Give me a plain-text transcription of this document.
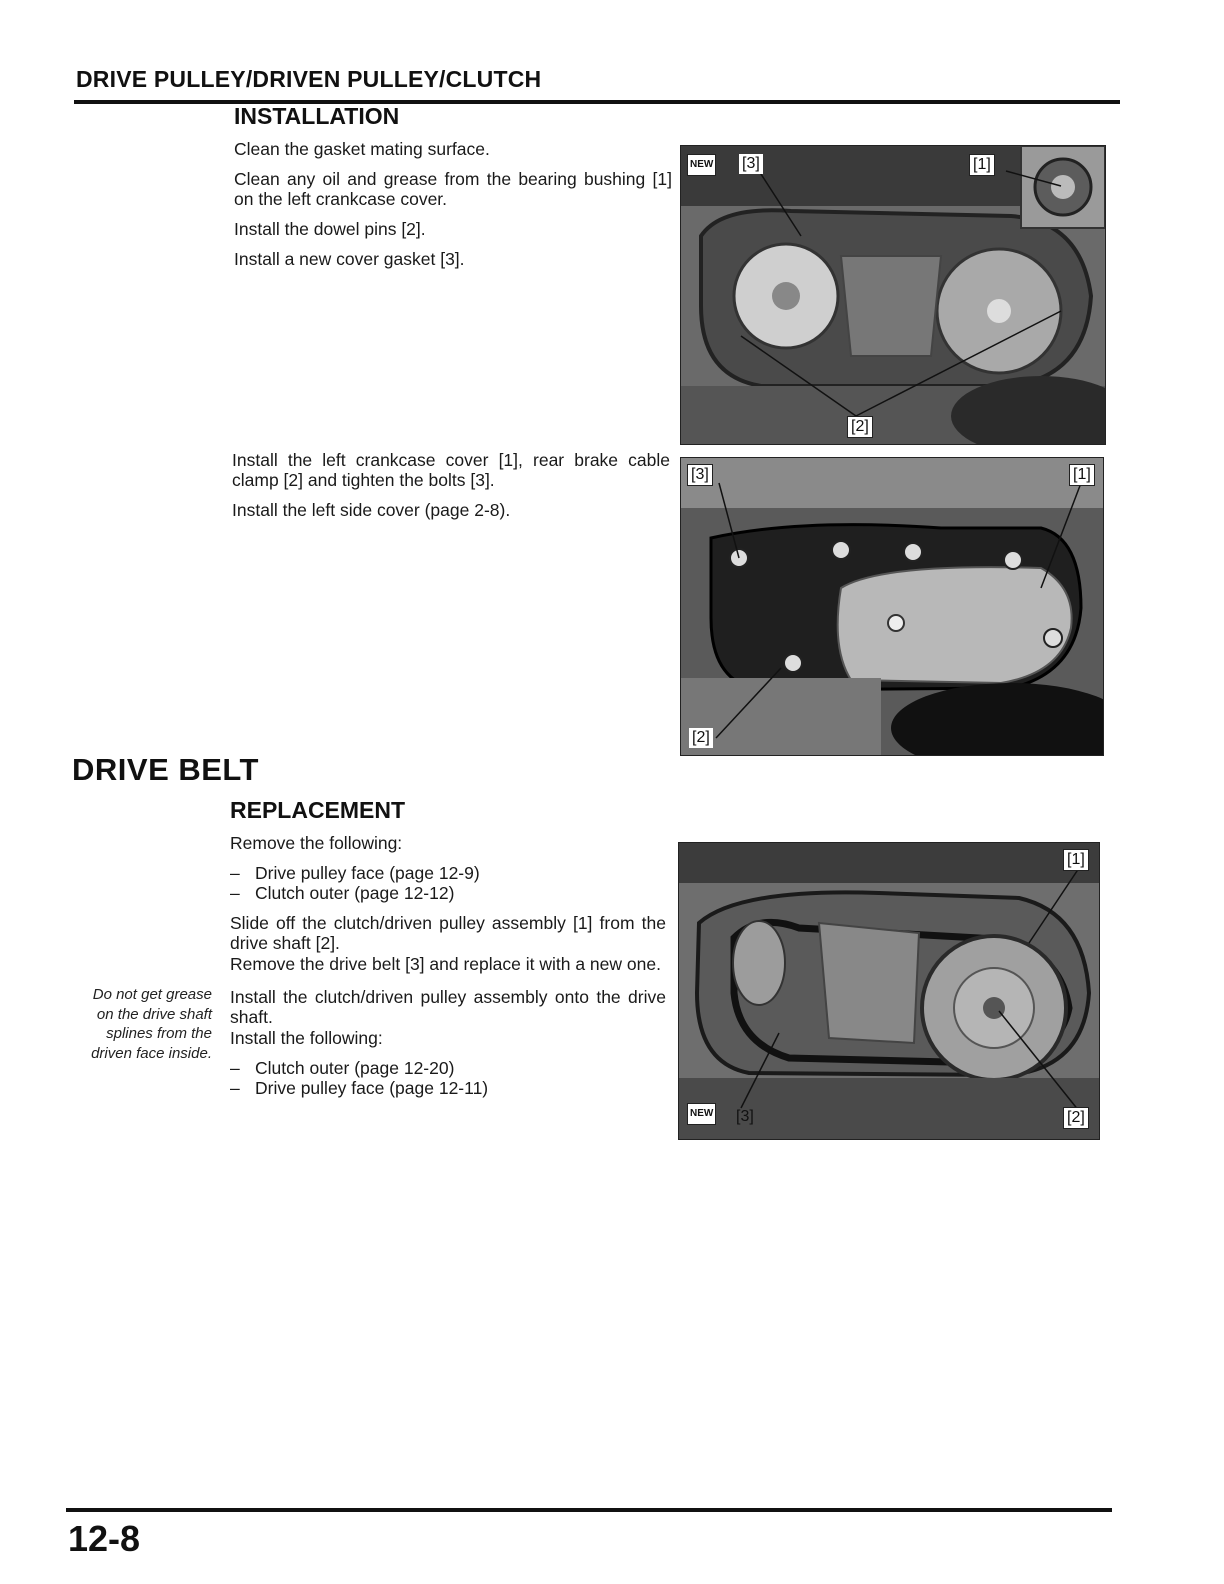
DRIVE PULLEY/DRIVEN PULLEY/CLUTCH
INSTALLATION

Clean the gasket mating surface.

Clean any oil and grease from the bearing bushing [1] on the left crankcase cover.

Install the dowel pins [2].

Install a new cover gasket [3].

Install the left crankcase cover [1], rear brake cable clamp [2] and tighten the bolts [3].

Install the left side cover (page 2-8).

NEW [3]	[1]
[2]
[3]	[1]
[2]
DRIVE BELT
REPLACEMENT

Remove the following:

– Drive pulley face (page 12-9)
– Clutch outer (page 12-12)

Slide off the clutch/driven pulley assembly [1] from the drive shaft [2].

Remove the drive belt [3] and replace it with a new one.

Install the clutch/driven pulley assembly onto the drive shaft.

Install the following:

– Clutch outer (page 12-20)
– Drive pulley face (page 12-11)
Do not get grease
on the drive shaft
splines from the
driven face inside.
[1]
NEW [3]	[2]
12-8
